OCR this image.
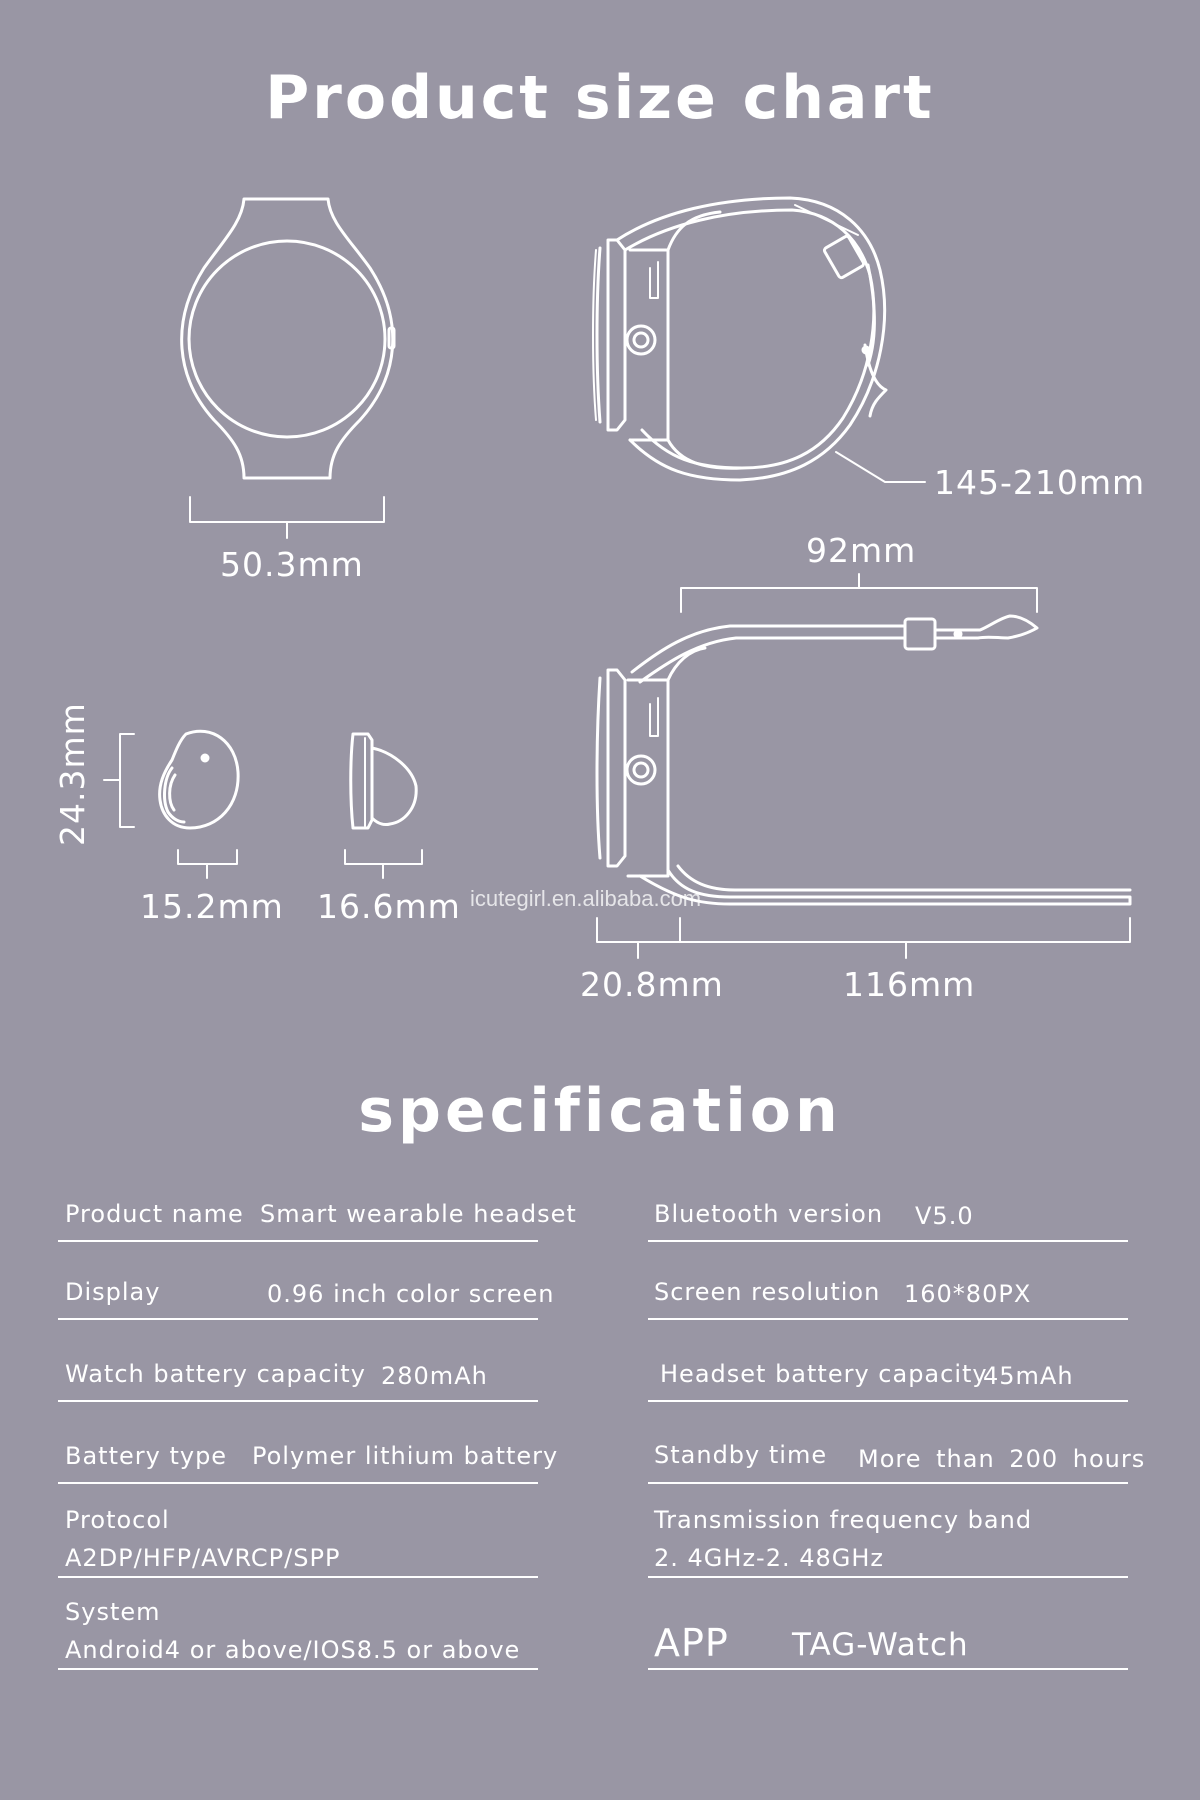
Product size chart
50.3mm
145-210mm
92mm
24.3mm
15.2mm 16.6mm
20.8mm	116mm
icutegirl.en.alibaba.com
specification
Product name Smart wearable headset
Display	0.96 inch color screen
Watch battery capacity 280mAh
Battery type Polymer lithium battery
Protocol
A2DP/HFP/AVRCP/SPP
System
Android4 or above/IOS8.5 or above
Bluetooth version V5.0
Screen resolution 160*80PX
Headset battery capacity
45mAh
Standby time More than 200 hours
Transmission frequency band
2. 4GHz-2. 48GHz
APP TAG-Watch
